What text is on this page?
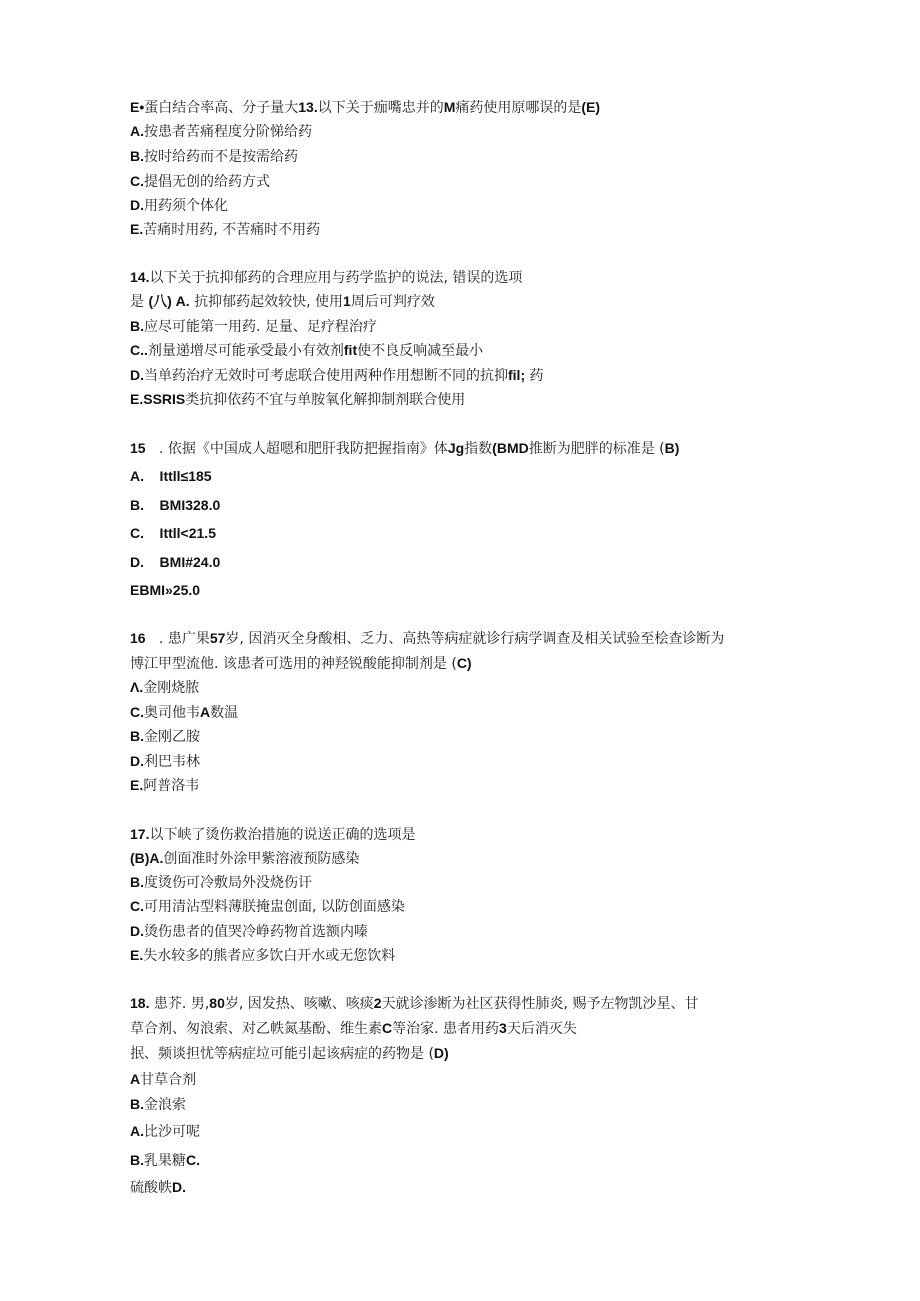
E•蛋白结合率高、分子量大13.以下关于痂嘴忠并的M痛药使用原哪误的是(E)
A.按患者苦痛程度分阶悌给药
B.按时给药而不是按需给药
C.提倡无创的给药方式
D.用药须个体化
E.苦痛时用药, 不苦痛时不用药
14.以下关于抗抑郁药的合理应用与药学监护的说法, 错误的选项
是 (八) A. 抗抑郁药起效较快, 使用1周后可判疗效
B.应尽可能第一用药. 足量、足疗程治疗
C..剂量递增尽可能承受最小有效剂fit使不良反响减至最小
D.当单药治疗无效时可考虑联合使用两种作用想断不同的抗抑fil; 药
E.SSRIS类抗抑依药不宜与单胺氧化解抑制剂联合使用
15   . 依据《中国成人超嗯和肥肝我防把握指南》体Jg指数(BMD推断为肥胖的标准是 (B)
A.    Ittll≤185
B.    BMI328.0
C.    Ittll<21.5
D.    BMI#24.0
EBMI»25.0
16   . 患广果57岁, 因消灭全身酸相、乏力、高热等病症就诊行病学调查及相关试验至桧查诊断为
博江甲型流他. 该患者可选用的神羟锐酸能抑制剂是 (C)
Λ.金刚烧脓
C.奥司他韦A数温
B.金刚乙胺
D.利巴韦林
E.阿普洛韦
17.以下峡了烫伤救治措施的说送正确的选项是
(B)A.创面准时外涂甲紫溶液预防感染
B.度烫伤可冷敷局外没烧伤讦
C.可用清沾型料薄朕掩盅创面, 以防创面感染
D.烫伤患者的值哭冷峥药物首选额内嗪
E.失水较多的熊者应多饮白开水或无您饮料
18. 患芥. 男,80岁, 因发热、咳嗽、咳痰2天就诊渗断为社区获得性肺炎, 赐予左物凯沙星、甘
草合剂、匆浪索、对乙帙氮基酚、维生素C等治家. 患者用药3天后消灭失
抿、频谈担忧等病症垃可能引起该病症的药物是 (D)
A甘草合剂
B.金浪索
A.比沙可呢
B.乳果糖C.
硫酸帙D.
